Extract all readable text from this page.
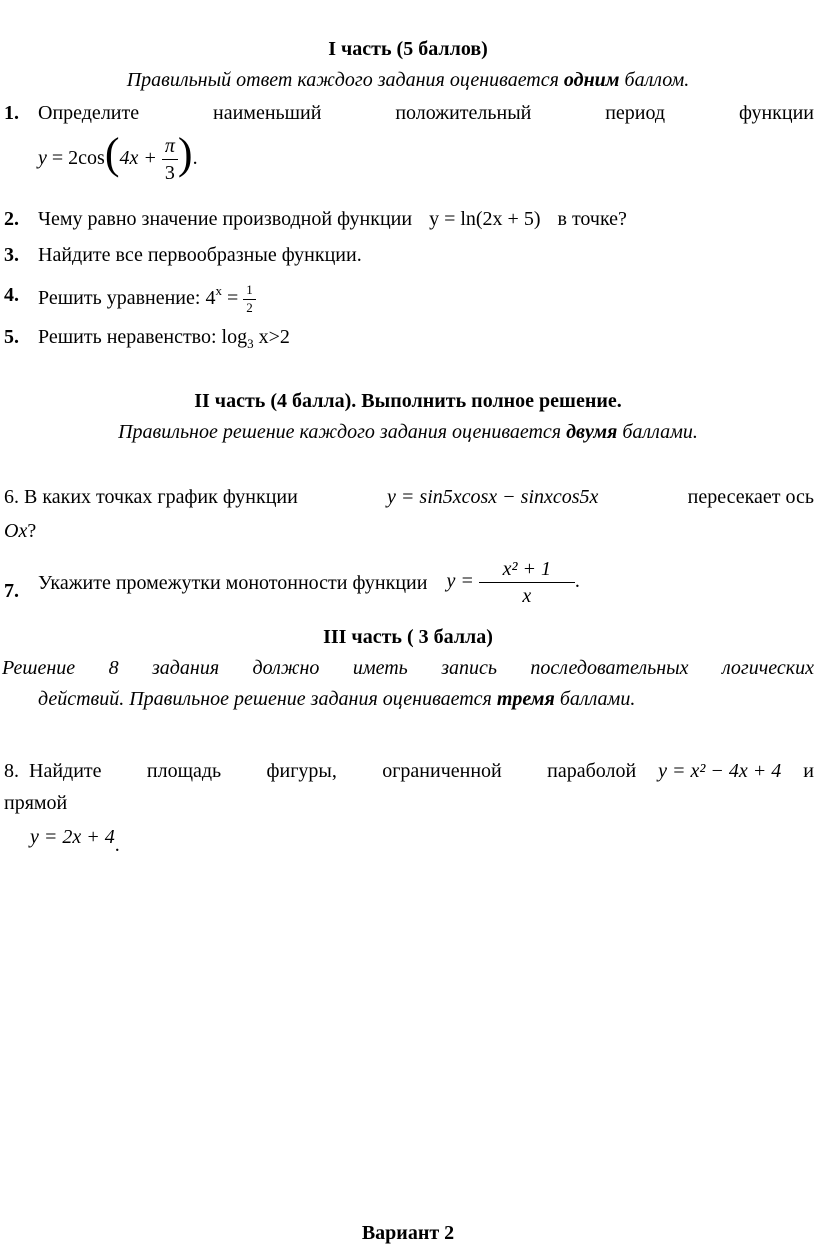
I часть (5 баллов)
Правильный ответ каждого задания оценивается одним баллом.
1. Определите наименьший положительный период функции
$y = 2\cos(4x + \frac{\pi}{3}$ ).
2. Чему равно значение производной функции y = ln(2x + 5) в точке?
3. Найдите все первообразные функции.
4. Решить уравнение: $4^x = \frac{1}{2}$
5. Решить неравенство: $\log_3 x>2$
II часть (4 балла). Выполнить полное решение.
Правильное решение каждого задания оценивается двумя баллами.
6. В каких точках график функции	y = sin5xcosx − sinxcos5x	пересекает ось
Ox?
7. Укажите промежутки монотонности функции $y = \frac{\text{x² + 1}}{x}$ .
III часть ( 3 балла)
Решение 8 задания должно иметь запись последовательных логических
действий. Правильное решение задания оценивается тремя баллами.
8. Найдите площадь фигуры, ограниченной параболой y = x² − 4x + 4 и
прямой
y = 2x + 4.
Вариант 2
